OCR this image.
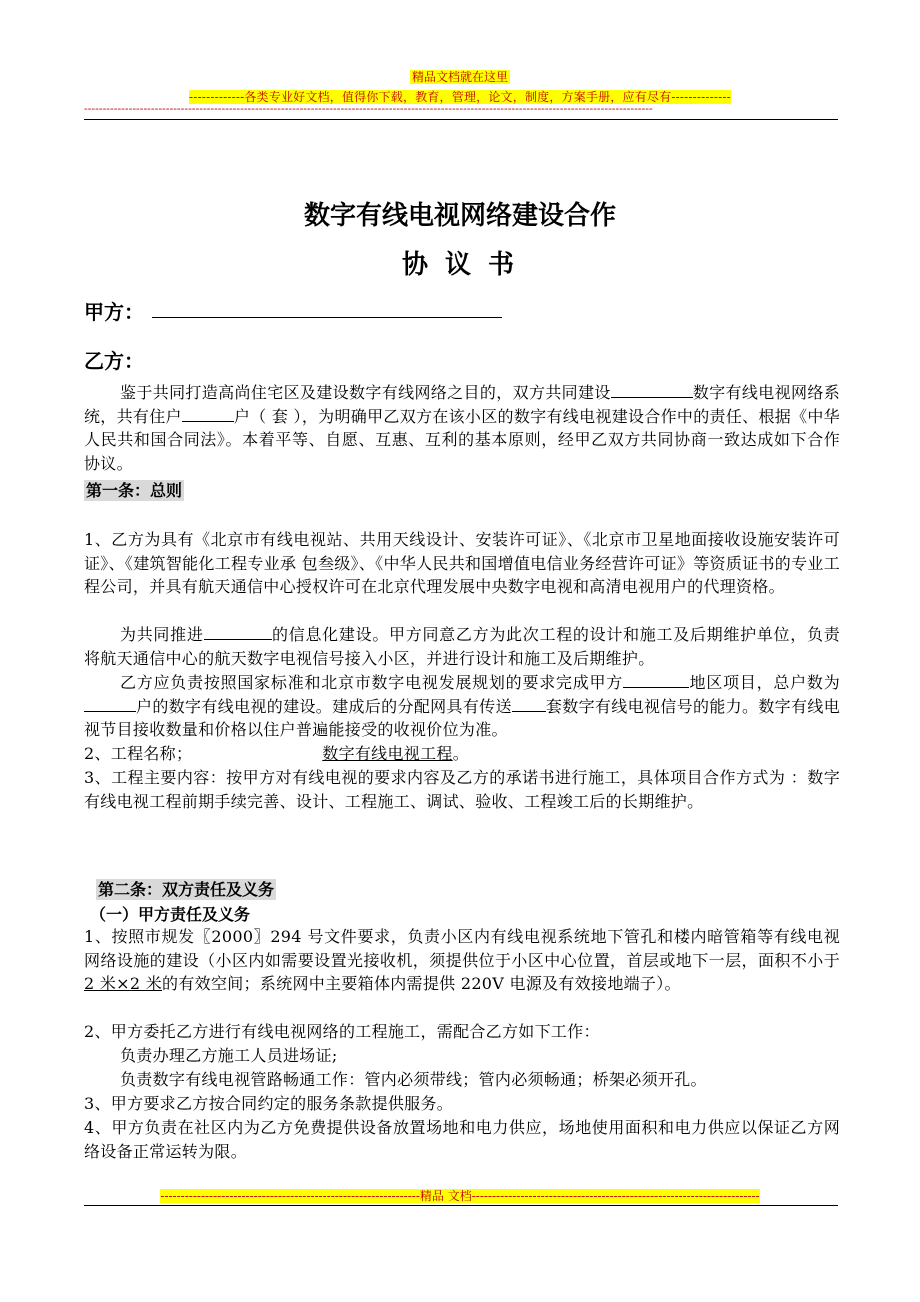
精品文档就在这里
-------------各类专业好文档，值得你下载，教育，管理，论文，制度，方案手册，应有尽有--------------
---------------------------------------------------------------------------------------------------------------------------------------------------------
数字有线电视网络建设合作
协 议 书
甲方：
乙方：
鉴于共同打造高尚住宅区及建设数字有线网络之目的，双方共同建设	数字有线电视网络系统，共有住户	户（ 套 ），为明确甲乙双方在该小区的数字有线电视建设合作中的责任、根据《中华人民共和国合同法》。本着平等、自愿、互惠、互利的基本原则，经甲乙双方共同协商一致达成如下合作协议。
第一条：总则
1、乙方为具有《北京市有线电视站、共用天线设计、安装许可证》、《北京市卫星地面接收设施安装许可证》、《建筑智能化工程专业承 包叁级》、《中华人民共和国增值电信业务经营许可证》等资质证书的专业工程公司，并具有航天通信中心授权许可在北京代理发展中央数字电视和高清电视用户的代理资格。
为共同推进	的信息化建设。甲方同意乙方为此次工程的设计和施工及后期维护单位，负责将航天通信中心的航天数字电视信号接入小区，并进行设计和施工及后期维护。
乙方应负责按照国家标准和北京市数字电视发展规划的要求完成甲方	地区项目，总户数为户的数字有线电视的建设。建成后的分配网具有传送 套数字有线电视信号的能力。数字有线电视节目接收数量和价格以住户普遍能接受的收视价位为准。
2、工程名称；	数字有线电视工程。
3、工程主要内容：按甲方对有线电视的要求内容及乙方的承诺书进行施工，具体项目合作方式为 ：数字有线电视工程前期手续完善、设计、工程施工、调试、验收、工程竣工后的长期维护。
第二条：双方责任及义务
（一）甲方责任及义务
1、按照市规发〖2000〗294 号文件要求，负责小区内有线电视系统地下管孔和楼内暗管箱等有线电视网络设施的建设（小区内如需要设置光接收机，须提供位于小区中心位置，首层或地下一层，面积不小于2 米×2 米的有效空间；系统网中主要箱体内需提供 220V 电源及有效接地端子）。
2、甲方委托乙方进行有线电视网络的工程施工，需配合乙方如下工作：
负责办理乙方施工人员进场证;
负责数字有线电视管路畅通工作：管内必须带线；管内必须畅通；桥架必须开孔。
3、甲方要求乙方按合同约定的服务条款提供服务。
4、甲方负责在社区内为乙方免费提供设备放置场地和电力供应，场地使用面积和电力供应以保证乙方网络设备正常运转为限。
----------------------------------------------------------------精品 文档-----------------------------------------------------------------------
